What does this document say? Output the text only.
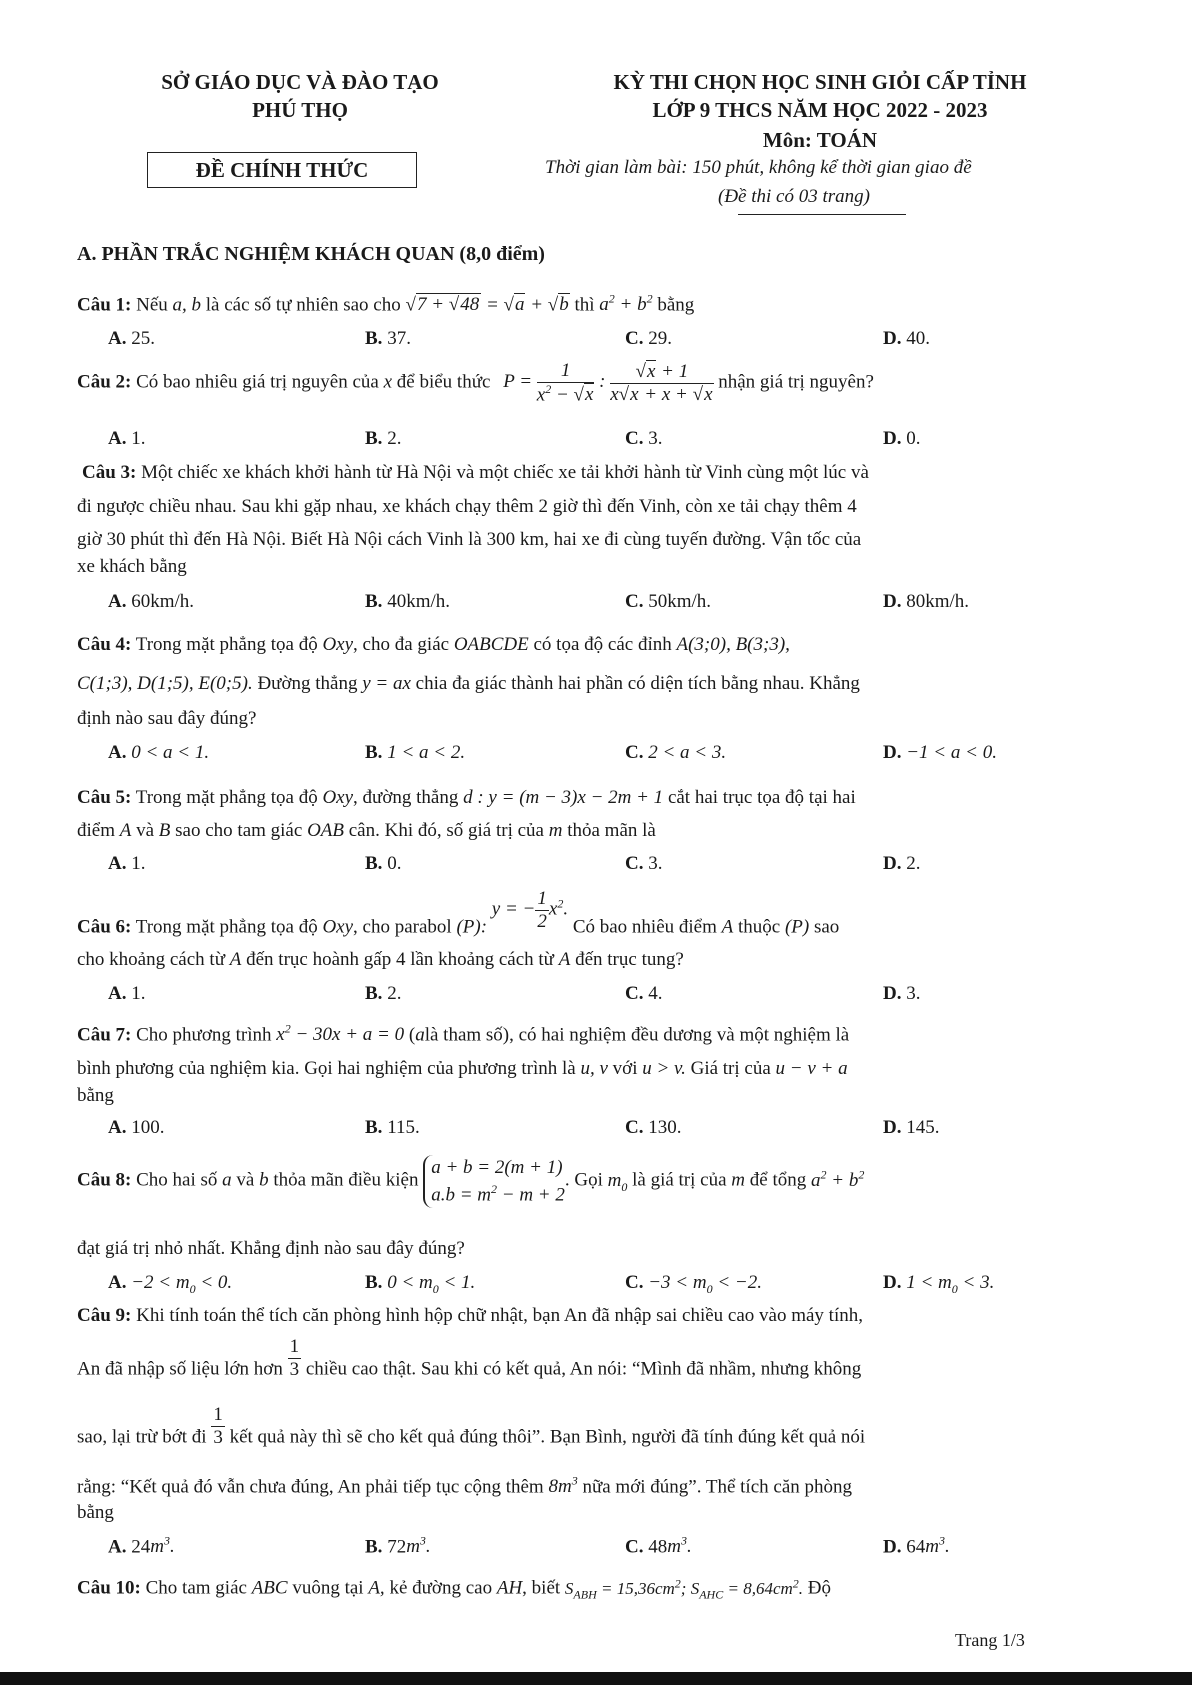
SỞ GIÁO DỤC VÀ ĐÀO TẠO
PHÚ THỌ
ĐỀ CHÍNH THỨC
KỲ THI CHỌN HỌC SINH GIỎI CẤP TỈNH
LỚP 9 THCS NĂM HỌC 2022 - 2023
Môn: TOÁN
Thời gian làm bài: 150 phút, không kể thời gian giao đề
(Đề thi có 03 trang)
A. PHẦN TRẮC NGHIỆM KHÁCH QUAN (8,0 điểm)
Câu 1: Nếu a, b là các số tự nhiên sao cho √7 + √48 = √a + √b thì $a^2 + b^2$ bằng
A. 25.	B. 37.	C. 29.	D. 40.
Câu 2: Có bao nhiêu giá trị nguyên của x để biểu thức $P = \frac{1}{x^2 - √x}$ : $\frac{√x + 1}{x√x + x + √x}$ nhận giá trị nguyên?
A. 1.	B. 2.	C. 3.	D. 0.
Câu 3: Một chiếc xe khách khởi hành từ Hà Nội và một chiếc xe tải khởi hành từ Vinh cùng một lúc và
đi ngược chiều nhau. Sau khi gặp nhau, xe khách chạy thêm 2 giờ thì đến Vinh, còn xe tải chạy thêm 4
giờ 30 phút thì đến Hà Nội. Biết Hà Nội cách Vinh là 300 km, hai xe đi cùng tuyến đường. Vận tốc của
xe khách bằng
A. 60km/h.	B. 40km/h.	C. 50km/h.	D. 80km/h.
Câu 4: Trong mặt phẳng tọa độ Oxy, cho đa giác OABCDE có tọa độ các đỉnh A(3;0), B(3;3),
C(1;3), D(1;5), E(0;5). Đường thẳng y = ax chia đa giác thành hai phần có diện tích bằng nhau. Khẳng
định nào sau đây đúng?
A. 0 < a < 1.	B. 1 < a < 2.	C. 2 < a < 3.	D. −1 < a < 0.
Câu 5: Trong mặt phẳng tọa độ Oxy, đường thẳng d : y = (m − 3)x − 2m + 1 cắt hai trục tọa độ tại hai
điểm A và B sao cho tam giác OAB cân. Khi đó, số giá trị của m thỏa mãn là
A. 1.	B. 0.	C. 3.	D. 2.
Câu 6: Trong mặt phẳng tọa độ Oxy, cho parabol (P): y = − $\frac{1}{2} x^2$. Có bao nhiêu điểm A thuộc (P) sao
cho khoảng cách từ A đến trục hoành gấp 4 lần khoảng cách từ A đến trục tung?
A. 1.	B. 2.	C. 4.	D. 3.
Câu 7: Cho phương trình $x^2 - 30x + a = 0$ (alà tham số), có hai nghiệm đều dương và một nghiệm là
bình phương của nghiệm kia. Gọi hai nghiệm của phương trình là u, v với u > v. Giá trị của u − v + a
bằng
A. 100.	B. 115.	C. 130.	D. 145.
Câu 8: Cho hai số a và b thỏa mãn điều kiện
a + b = 2(m + 1)
$a.b = m^2 - m + 2$
. Gọi $m_0$ là giá trị của m để tổng $a^2 + b^2$
đạt giá trị nhỏ nhất. Khẳng định nào sau đây đúng?
A. $-2 < m_0 < 0$.	B. $0 < m_0 < 1$.	C. $-3 < m_0 < -2$.	D. $1 < m_0 < 3$.
Câu 9: Khi tính toán thể tích căn phòng hình hộp chữ nhật, bạn An đã nhập sai chiều cao vào máy tính,
An đã nhập số liệu lớn hơn $\frac{1}{3}$ chiều cao thật. Sau khi có kết quả, An nói: “Mình đã nhầm, nhưng không
sao, lại trừ bớt đi $\frac{1}{3}$ kết quả này thì sẽ cho kết quả đúng thôi”. Bạn Bình, người đã tính đúng kết quả nói
rằng: “Kết quả đó vẫn chưa đúng, An phải tiếp tục cộng thêm $8m^3$ nữa mới đúng”. Thể tích căn phòng
bằng
A. $24m^3$.	B. $72m^3$.	C. $48m^3$.	D. $64m^3$.
Câu 10: Cho tam giác ABC vuông tại A, kẻ đường cao AH, biết $S_{ABH} = 15,36cm^2$; $S_{AHC} = 8,64cm^2$. Độ
Trang 1/3
